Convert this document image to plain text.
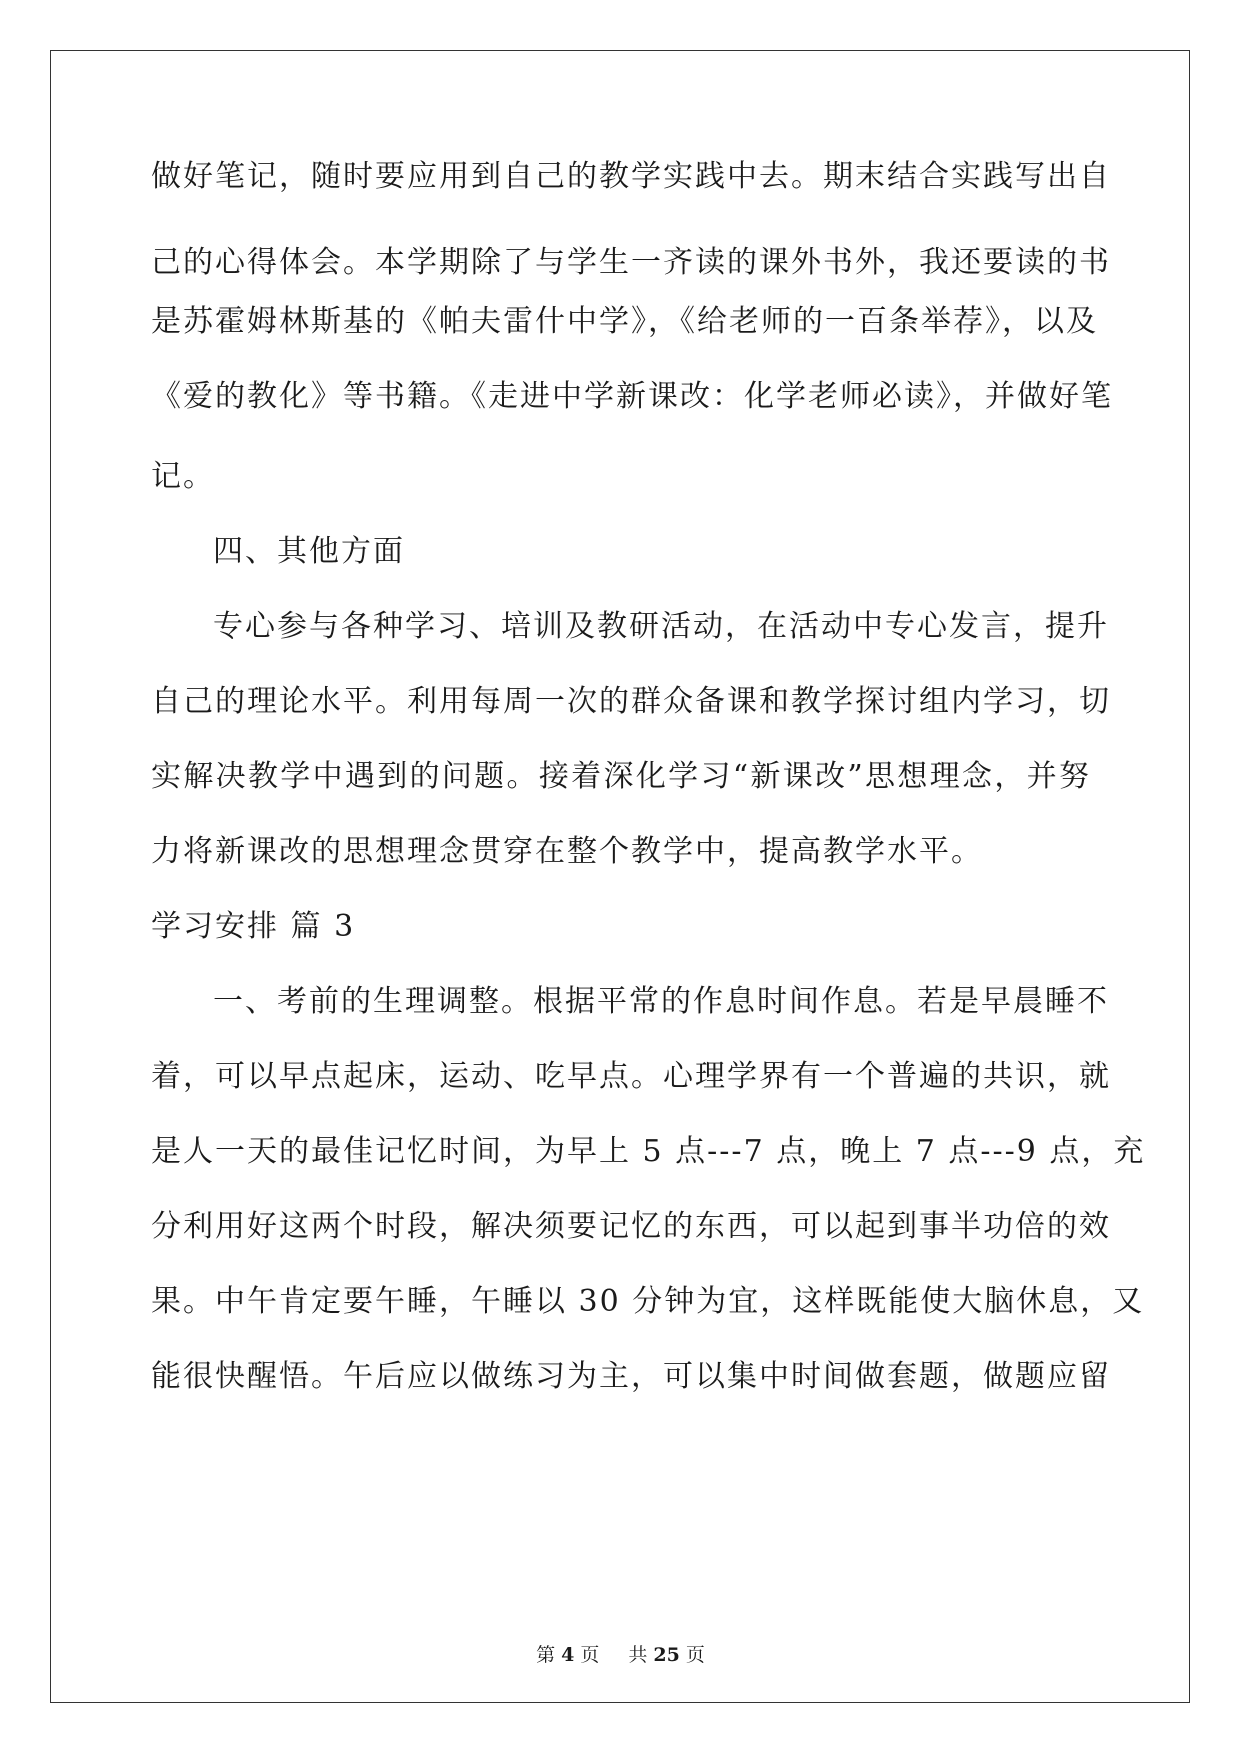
做好笔记，随时要应用到自己的教学实践中去。期末结合实践写出自
己的心得体会。本学期除了与学生一齐读的课外书外，我还要读的书
是苏霍姆林斯基的《帕夫雷什中学》，《给老师的一百条举荐》，以及
《爱的教化》等书籍。《走进中学新课改：化学老师必读》，并做好笔
记。
四、其他方面
专心参与各种学习、培训及教研活动，在活动中专心发言，提升
自己的理论水平。利用每周一次的群众备课和教学探讨组内学习，切
实解决教学中遇到的问题。接着深化学习“新课改”思想理念，并努
力将新课改的思想理念贯穿在整个教学中，提高教学水平。
学习安排 篇 3
一、考前的生理调整。根据平常的作息时间作息。若是早晨睡不
着，可以早点起床，运动、吃早点。心理学界有一个普遍的共识，就
是人一天的最佳记忆时间，为早上 5 点---7 点，晚上 7 点---9 点，充
分利用好这两个时段，解决须要记忆的东西，可以起到事半功倍的效
果。中午肯定要午睡，午睡以 30 分钟为宜，这样既能使大脑休息，又
能很快醒悟。午后应以做练习为主，可以集中时间做套题，做题应留
第 4 页 共 25 页
